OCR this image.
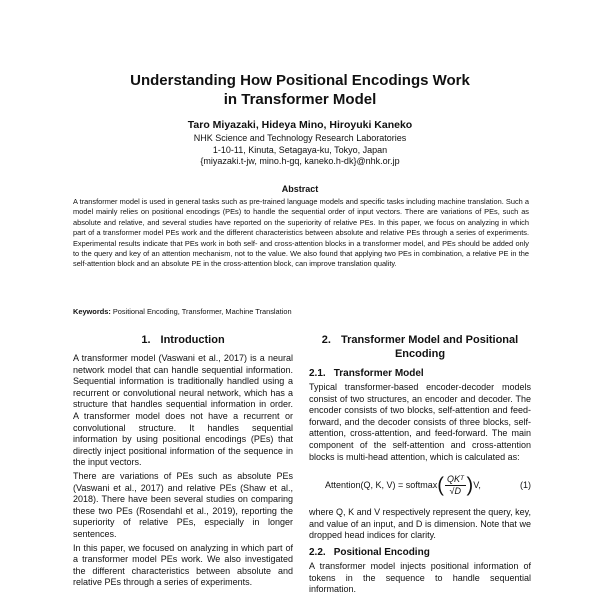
Understanding How Positional Encodings Work
in Transformer Model
Taro Miyazaki, Hideya Mino, Hiroyuki Kaneko
NHK Science and Technology Research Laboratories
1-10-11, Kinuta, Setagaya-ku, Tokyo, Japan
{miyazaki.t-jw, mino.h-gq, kaneko.h-dk}@nhk.or.jp
Abstract

A transformer model is used in general tasks such as pre-trained language models and specific tasks including machine translation. Such a model mainly relies on positional encodings (PEs) to handle the sequential order of input vectors. There are variations of PEs, such as absolute and relative, and several studies have reported on the superiority of relative PEs. In this paper, we focus on analyzing in which part of a transformer model PEs work and the different characteristics between absolute and relative PEs through a series of experiments. Experimental results indicate that PEs work in both self- and cross-attention blocks in a transformer model, and PEs should be added only to the query and key of an attention mechanism, not to the value. We also found that applying two PEs in combination, a relative PE in the self-attention block and an absolute PE in the cross-attention block, can improve translation quality.

Keywords: Positional Encoding, Transformer, Machine Translation
1. Introduction

A transformer model (Vaswani et al., 2017) is a neural network model that can handle sequential information. Sequential information is traditionally handled using a recurrent or convolutional neural network, which has a structure that handles sequential information in order. A transformer model does not have a recurrent or convolutional structure. It handles sequential information by using positional encodings (PEs) that directly inject positional information of the sequence in the input vectors.

There are variations of PEs such as absolute PEs (Vaswani et al., 2017) and relative PEs (Shaw et al., 2018). There have been several studies on comparing these two PEs (Rosendahl et al., 2019), reporting the superiority of relative PEs, especially in longer sentences.

In this paper, we focused on analyzing in which part of a transformer model PEs work. We also investigated the different characteristics between absolute and relative PEs through a series of experiments.

2. Transformer Model and Positional Encoding
2.1. Transformer Model

Typical transformer-based encoder-decoder models consist of two structures, an encoder and decoder. The encoder consists of two blocks, self-attention and feed-forward, and the decoder consists of three blocks, self-attention, cross-attention, and feed-forward. The main component of the self-attention and cross-attention blocks is multi-head attention, which is calculated as:

Attention(Q, K, V) = softmax( $\frac{\text{QKᵀ}}{√D} )V$,	(1)

where Q, K and V respectively represent the query, key, and value of an input, and D is dimension. Note that we dropped head indices for clarity.

2.2. Positional Encoding

A transformer model injects positional information of tokens in the sequence to handle sequential information.
